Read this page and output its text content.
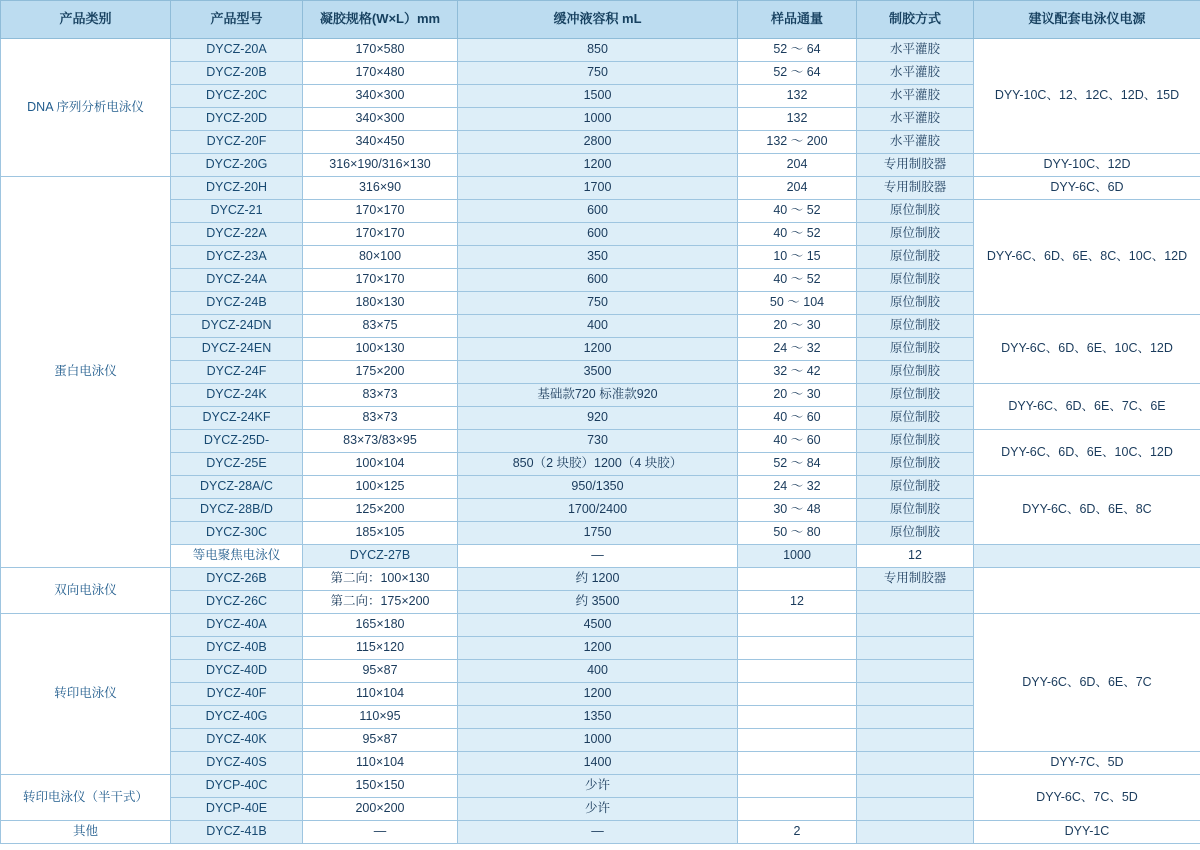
产品类别	产品型号	凝胶规格(W×L）mm	缓冲液容积 mL	样品通量	制胶方式	建议配套电泳仪电源	
DNA 序列分析电泳仪	DYCZ-20A	170×580	850	52 ～ 64	水平灌胶	DYY-10C、12、12C、12D、15D	
	DYCZ-20B	170×480	750	52 ～ 64	水平灌胶		
	DYCZ-20C	340×300	1500	132	水平灌胶		
	DYCZ-20D	340×300	1000	132	水平灌胶		
	DYCZ-20F	340×450	2800	132 ～ 200	水平灌胶		
	DYCZ-20G	316×190/316×130	1200	204	专用制胶器	DYY-10C、12D	
蛋白电泳仪	DYCZ-20H	316×90	1700	204	专用制胶器	DYY-6C、6D	
	DYCZ-21	170×170	600	40 ～ 52	原位制胶	DYY-6C、6D、6E、8C、10C、12D	
	DYCZ-22A	170×170	600	40 ～ 52	原位制胶		
	DYCZ-23A	80×100	350	10 ～ 15	原位制胶		
	DYCZ-24A	170×170	600	40 ～ 52	原位制胶		
	DYCZ-24B	180×130	750	50 ～ 104	原位制胶		
	DYCZ-24DN	83×75	400	20 ～ 30	原位制胶	DYY-6C、6D、6E、10C、12D	
	DYCZ-24EN	100×130	1200	24 ～ 32	原位制胶		
	DYCZ-24F	175×200	3500	32 ～ 42	原位制胶		
	DYCZ-24K	83×73	基础款720 标准款920	20 ～ 30	原位制胶	DYY-6C、6D、6E、7C、6E	
	DYCZ-24KF	83×73	920	40 ～ 60	原位制胶		
	DYCZ-25D-	83×73/83×95	730	40 ～ 60	原位制胶	DYY-6C、6D、6E、10C、12D	
	DYCZ-25E	100×104	850（2 块胶）1200（4 块胶）	52 ～ 84	原位制胶		
	DYCZ-28A/C	100×125	950/1350	24 ～ 32	原位制胶	DYY-6C、6D、6E、8C	
	DYCZ-28B/D	125×200	1700/2400	30 ～ 48	原位制胶		
	DYCZ-30C	185×105	1750	50 ～ 80	原位制胶		
	等电聚焦电泳仪	DYCZ-27B	—	1000	12		
双向电泳仪	DYCZ-26B	第二向：100×130	约 1200		专用制胶器		
	DYCZ-26C	第二向：175×200	约 3500	12			
转印电泳仪	DYCZ-40A	165×180	4500			DYY-6C、6D、6E、7C	
	DYCZ-40B	115×120	1200				
	DYCZ-40D	95×87	400				
	DYCZ-40F	110×104	1200				
	DYCZ-40G	110×95	1350				
	DYCZ-40K	95×87	1000				
	DYCZ-40S	110×104	1400			DYY-7C、5D	
转印电泳仪（半干式）	DYCP-40C	150×150	少许			DYY-6C、7C、5D	
	DYCP-40E	200×200	少许				
其他	DYCZ-41B	—	—	2		DYY-1C	
